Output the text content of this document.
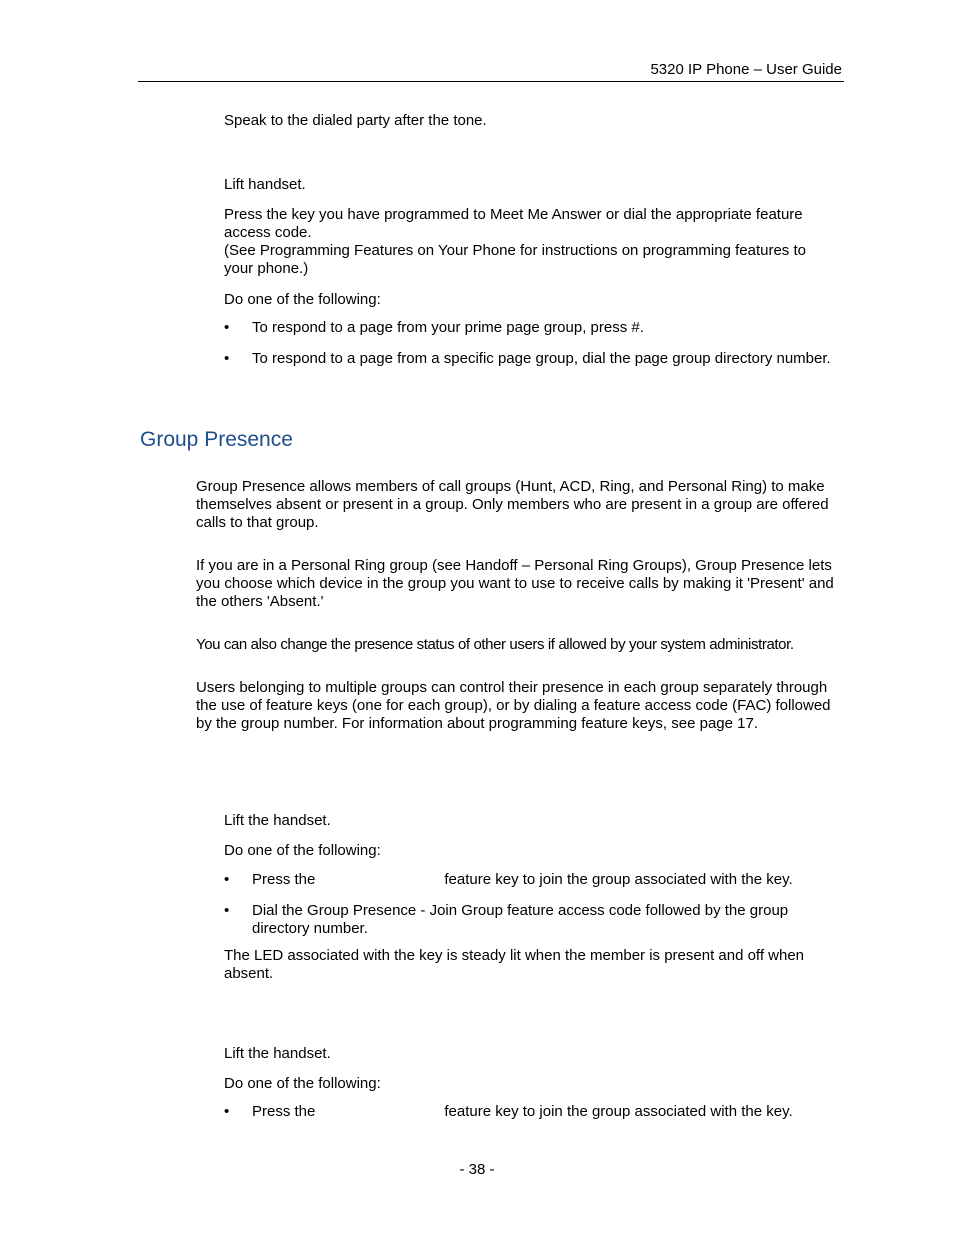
5320 IP Phone – User Guide

Speak to the dialed party after the tone.

Lift handset.

Press the key you have programmed to Meet Me Answer or dial the appropriate feature access code.
(See Programming Features on Your Phone for instructions on programming features to your phone.)

Do one of the following:

• To respond to a page from your prime page group, press #.

• To respond to a page from a specific page group, dial the page group directory number.

Group Presence

Group Presence allows members of call groups (Hunt, ACD, Ring, and Personal Ring) to make themselves absent or present in a group. Only members who are present in a group are offered calls to that group.

If you are in a Personal Ring group (see Handoff – Personal Ring Groups), Group Presence lets you choose which device in the group you want to use to receive calls by making it 'Present' and the others 'Absent.'

You can also change the presence status of other users if allowed by your system administrator.

Users belonging to multiple groups can control their presence in each group separately through the use of feature keys (one for each group), or by dialing a feature access code (FAC) followed by the group number. For information about programming feature keys, see page 17.

Lift the handset.

Do one of the following:

• Press the	feature key to join the group associated with the key.

• Dial the Group Presence - Join Group feature access code followed by the group directory number.

The LED associated with the key is steady lit when the member is present and off when absent.

Lift the handset.

Do one of the following:

• Press the	feature key to join the group associated with the key.

- 38 -
